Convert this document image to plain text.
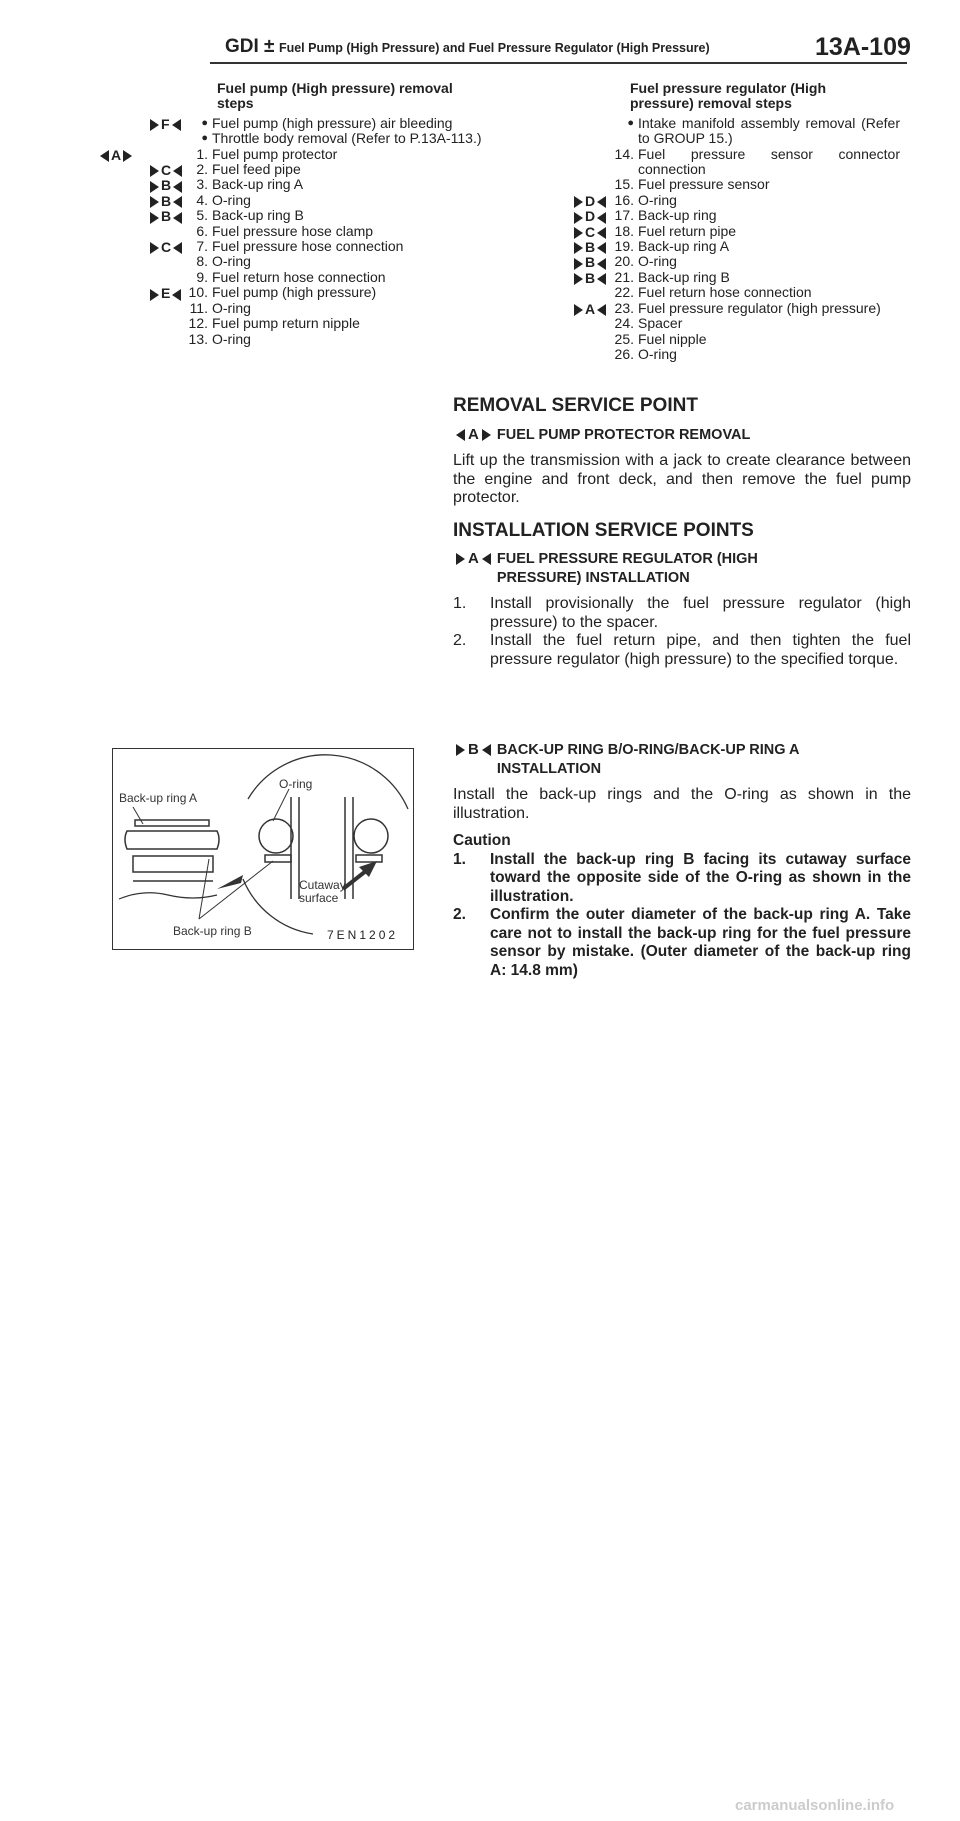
GDI ± Fuel Pump (High Pressure) and Fuel Pressure Regulator (High Pressure)	13A-109
Fuel pump (High pressure) removal steps
F	● Fuel pump (high pressure) air bleeding
● Throttle body removal (Refer to P.13A-113.)
A	1. Fuel pump protector
C	2. Fuel feed pipe
B	3. Back-up ring A
B	4. O-ring
B	5. Back-up ring B
6. Fuel pressure hose clamp
C	7. Fuel pressure hose connection
8. O-ring
9. Fuel return hose connection
E	10. Fuel pump (high pressure)
11. O-ring
12. Fuel pump return nipple
13. O-ring
Fuel pressure regulator (High pressure) removal steps
● Intake manifold assembly removal (Refer to GROUP 15.)
14. Fuel pressure sensor connector connection
15. Fuel pressure sensor
D	16. O-ring
D	17. Back-up ring
C	18. Fuel return pipe
B	19. Back-up ring A
B	20. O-ring
B	21. Back-up ring B
22. Fuel return hose connection
A	23. Fuel pressure regulator (high pressure)
24. Spacer
25. Fuel nipple
26. O-ring
REMOVAL SERVICE POINT
A FUEL PUMP PROTECTOR REMOVAL
Lift up the transmission with a jack to create clearance between the engine and front deck, and then remove the fuel pump protector.
INSTALLATION SERVICE POINTS
A FUEL PRESSURE REGULATOR (HIGH PRESSURE) INSTALLATION
1. Install provisionally the fuel pressure regulator (high pressure) to the spacer.
2. Install the fuel return pipe, and then tighten the fuel pressure regulator (high pressure) to the specified torque.
B BACK-UP RING B/O-RING/BACK-UP RING A INSTALLATION
Install the back-up rings and the O-ring as shown in the illustration.
Caution
1. Install the back-up ring B facing its cutaway surface toward the opposite side of the O-ring as shown in the illustration.
2. Confirm the outer diameter of the back-up ring A. Take care not to install the back-up ring for the fuel pressure sensor by mistake. (Outer diameter of the back-up ring A: 14.8 mm)
Back-up ring A
O-ring
Cutaway surface
Back-up ring B	7EN1202
carmanualsonline.info
